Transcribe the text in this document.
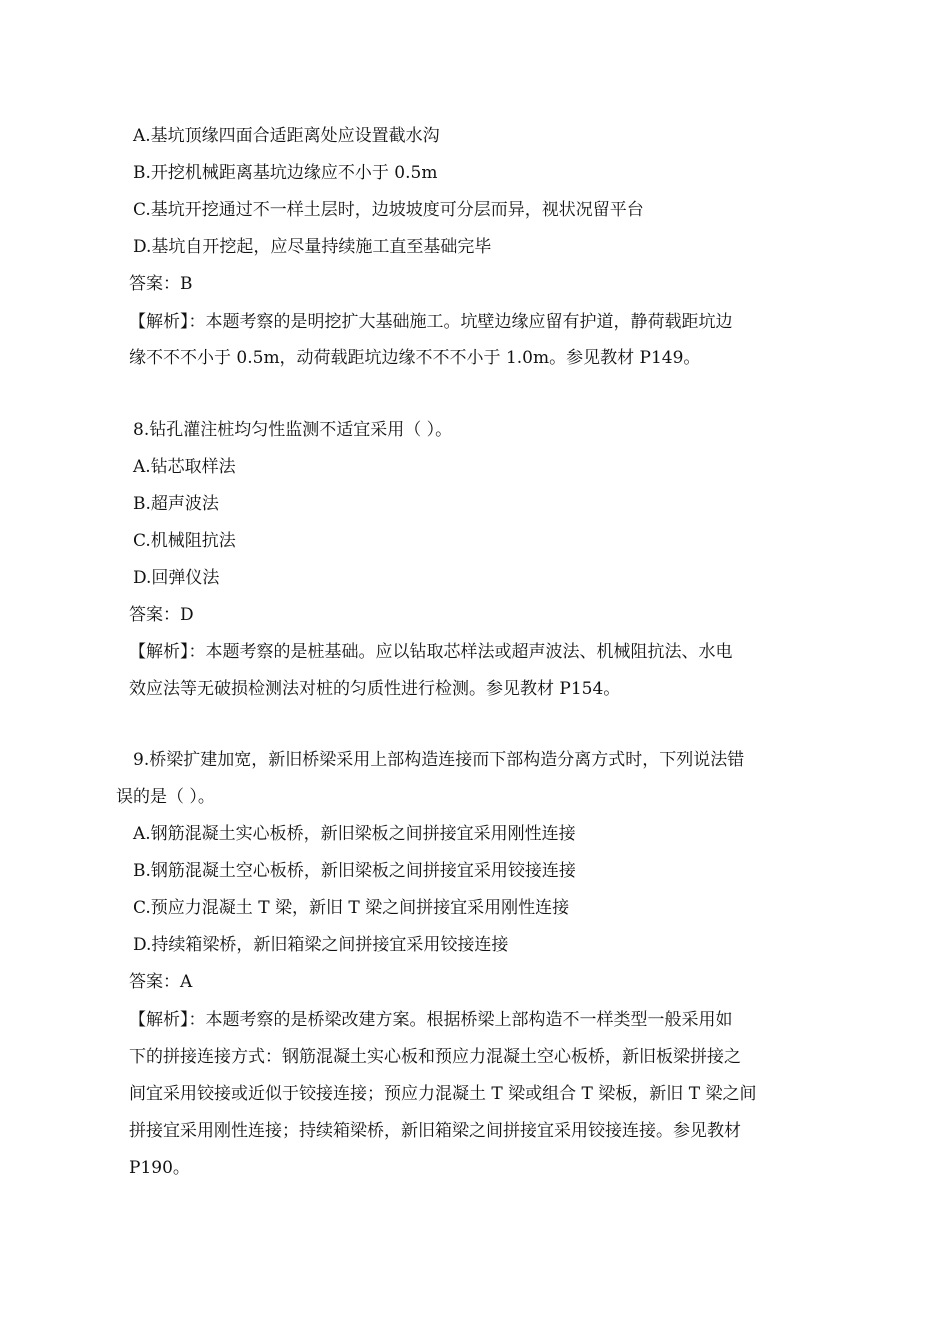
A.基坑顶缘四面合适距离处应设置截水沟
B.开挖机械距离基坑边缘应不小于 0.5m
C.基坑开挖通过不一样土层时，边坡坡度可分层而异，视状况留平台
D.基坑自开挖起，应尽量持续施工直至基础完毕
答案：B
【解析】：本题考察的是明挖扩大基础施工。坑壁边缘应留有护道，静荷载距坑边
缘不不不小于 0.5m，动荷载距坑边缘不不不小于 1.0m。参见教材 P149。
8.钻孔灌注桩均匀性监测不适宜采用（ ）。
A.钻芯取样法
B.超声波法
C.机械阻抗法
D.回弹仪法
答案：D
【解析】：本题考察的是桩基础。应以钻取芯样法或超声波法、机械阻抗法、水电
效应法等无破损检测法对桩的匀质性进行检测。参见教材 P154。
9.桥梁扩建加宽，新旧桥梁采用上部构造连接而下部构造分离方式时，下列说法错
误的是（ ）。
A.钢筋混凝土实心板桥，新旧梁板之间拼接宜采用刚性连接
B.钢筋混凝土空心板桥，新旧梁板之间拼接宜采用铰接连接
C.预应力混凝土 T 梁，新旧 T 梁之间拼接宜采用刚性连接
D.持续箱梁桥，新旧箱梁之间拼接宜采用铰接连接
答案：A
【解析】：本题考察的是桥梁改建方案。根据桥梁上部构造不一样类型一般采用如
下的拼接连接方式：钢筋混凝土实心板和预应力混凝土空心板桥，新旧板梁拼接之
间宜采用铰接或近似于铰接连接；预应力混凝土 T 梁或组合 T 梁板，新旧 T 梁之间
拼接宜采用刚性连接；持续箱梁桥，新旧箱梁之间拼接宜采用铰接连接。参见教材
P190。
